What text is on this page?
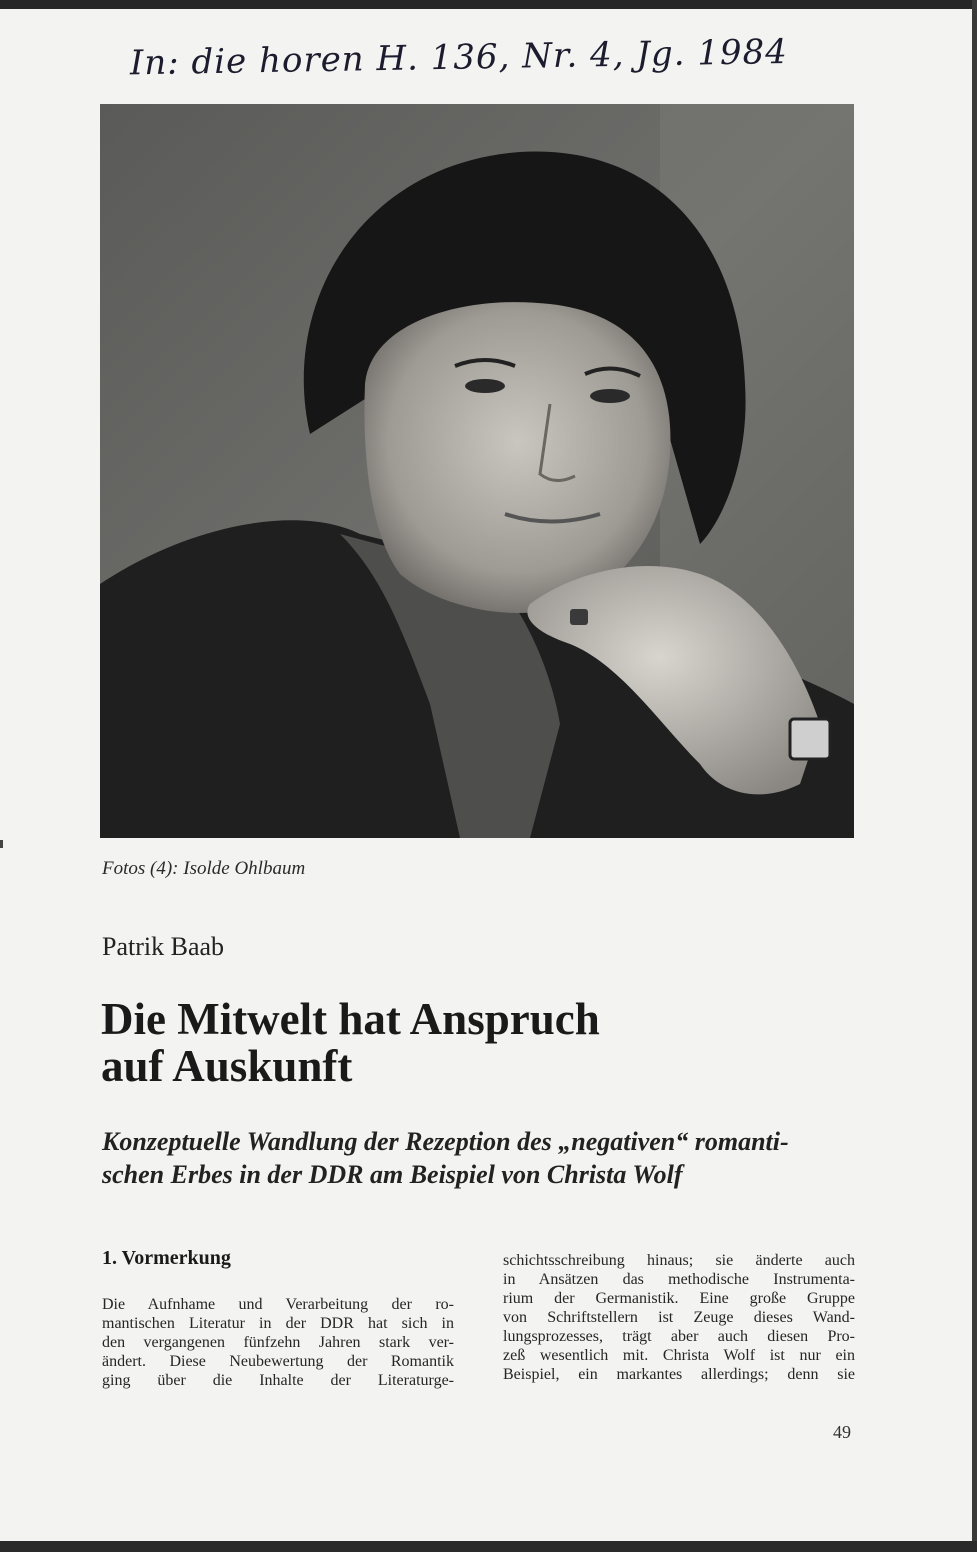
In: die horen H. 136, Nr. 4, Jg. 1984
Fotos (4): Isolde Ohlbaum
Patrik Baab
Die Mitwelt hat Anspruch
auf Auskunft
Konzeptuelle Wandlung der Rezeption des „negativen“ romanti-
schen Erbes in der DDR am Beispiel von Christa Wolf
1. Vormerkung
Die Aufnhame und Verarbeitung der ro-
mantischen Literatur in der DDR hat sich in
den vergangenen fünfzehn Jahren stark ver-
ändert. Diese Neubewertung der Romantik
ging über die Inhalte der Literaturge-
schichtsschreibung hinaus; sie änderte auch
in Ansätzen das methodische Instrumenta-
rium der Germanistik. Eine große Gruppe
von Schriftstellern ist Zeuge dieses Wand-
lungsprozesses, trägt aber auch diesen Pro-
zeß wesentlich mit. Christa Wolf ist nur ein
Beispiel, ein markantes allerdings; denn sie
49
